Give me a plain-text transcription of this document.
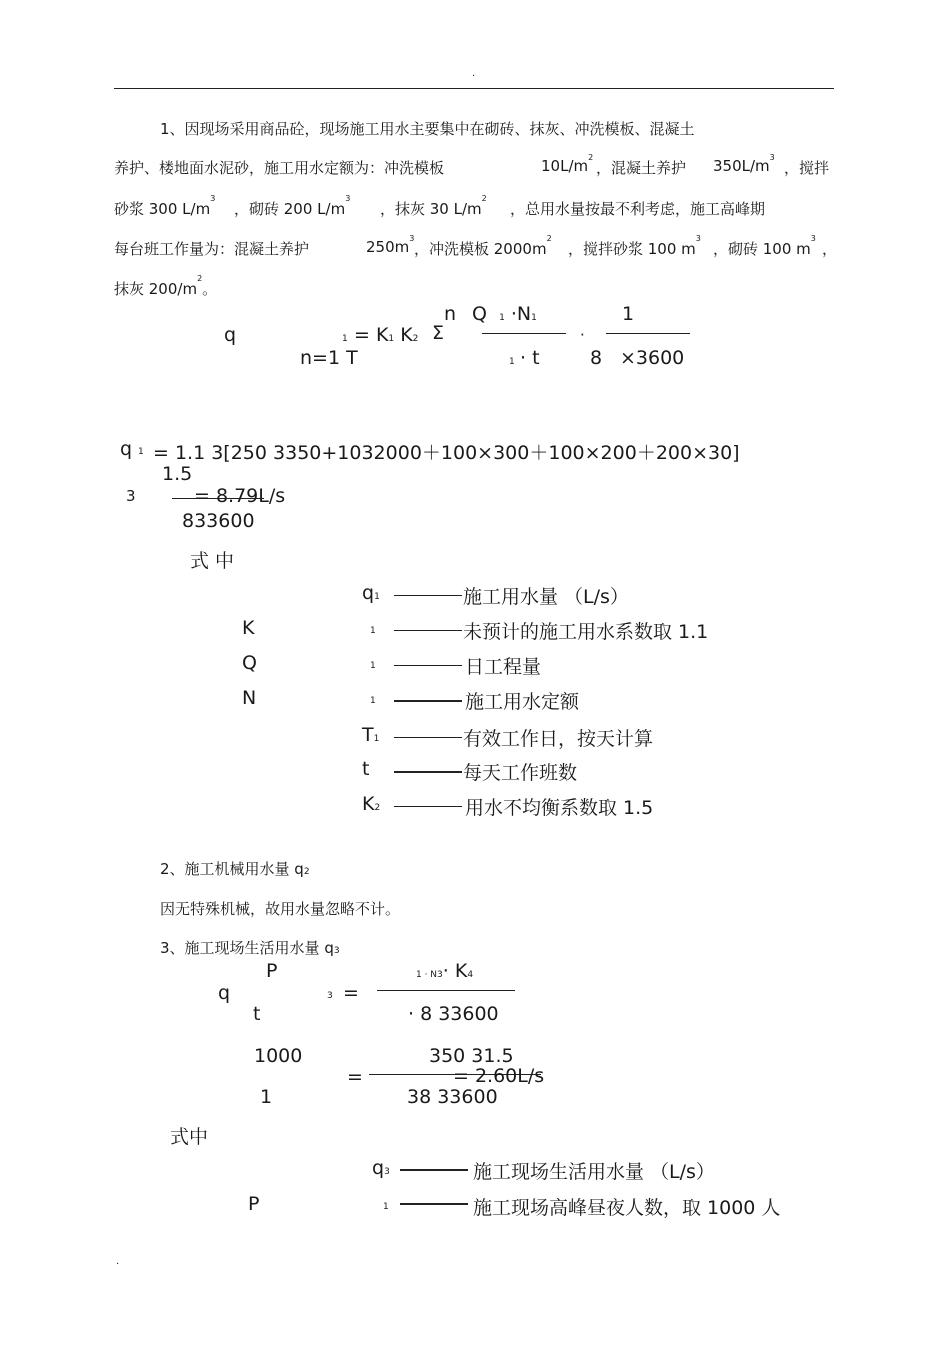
.
1、因现场采用商品砼，现场施工用水主要集中在砌砖、抹灰、冲洗模板、混凝土
养护、楼地面水泥砂，施工用水定额为：冲洗模板	$10L/m^2$
，混凝土养护 $350L/m^3$
，搅拌
砂浆 300 $L/m^3$
，砌砖 200 $L/m^3$
，抹灰 30 $L/m^2$
，总用水量按最不利考虑，施工高峰期
每台班工作量为：混凝土养护	$250m^3$
，冲洗模板 $2000m^2$
，搅拌砂浆 100 $m^3$
，砌砖 100 $m^3$
，
抹灰 $200/m^2$。
q	1 = K1 K2 Σ
n Q 1 ·N1
n=1 T	1 · t
·
1
8 ×3600
q 1 = 1.1 3[250 3350+1032000＋100×300＋100×200＋200×30]
1.5
3	= 8.79L/s
833600
式 中
q1	施工用水量 （L/s）
K	1	未预计的施工用水系数取 1.1
Q	1	日工程量
N	1	施工用水定额
T1	有效工作日，按天计算
t	每天工作班数
K2	用水不均衡系数取 1.5
2、施工机械用水量 q2
因无特殊机械，故用水量忽略不计。
3、施工现场生活用水量 q3
P
q	3 =
t
1 · N3· K4
· 8 33600
1000
=
350 31.5
= 2.60L/s
1	38 33600
式中
q3	施工现场生活用水量 （L/s）
P	1	施工现场高峰昼夜人数，取 1000 人
.
